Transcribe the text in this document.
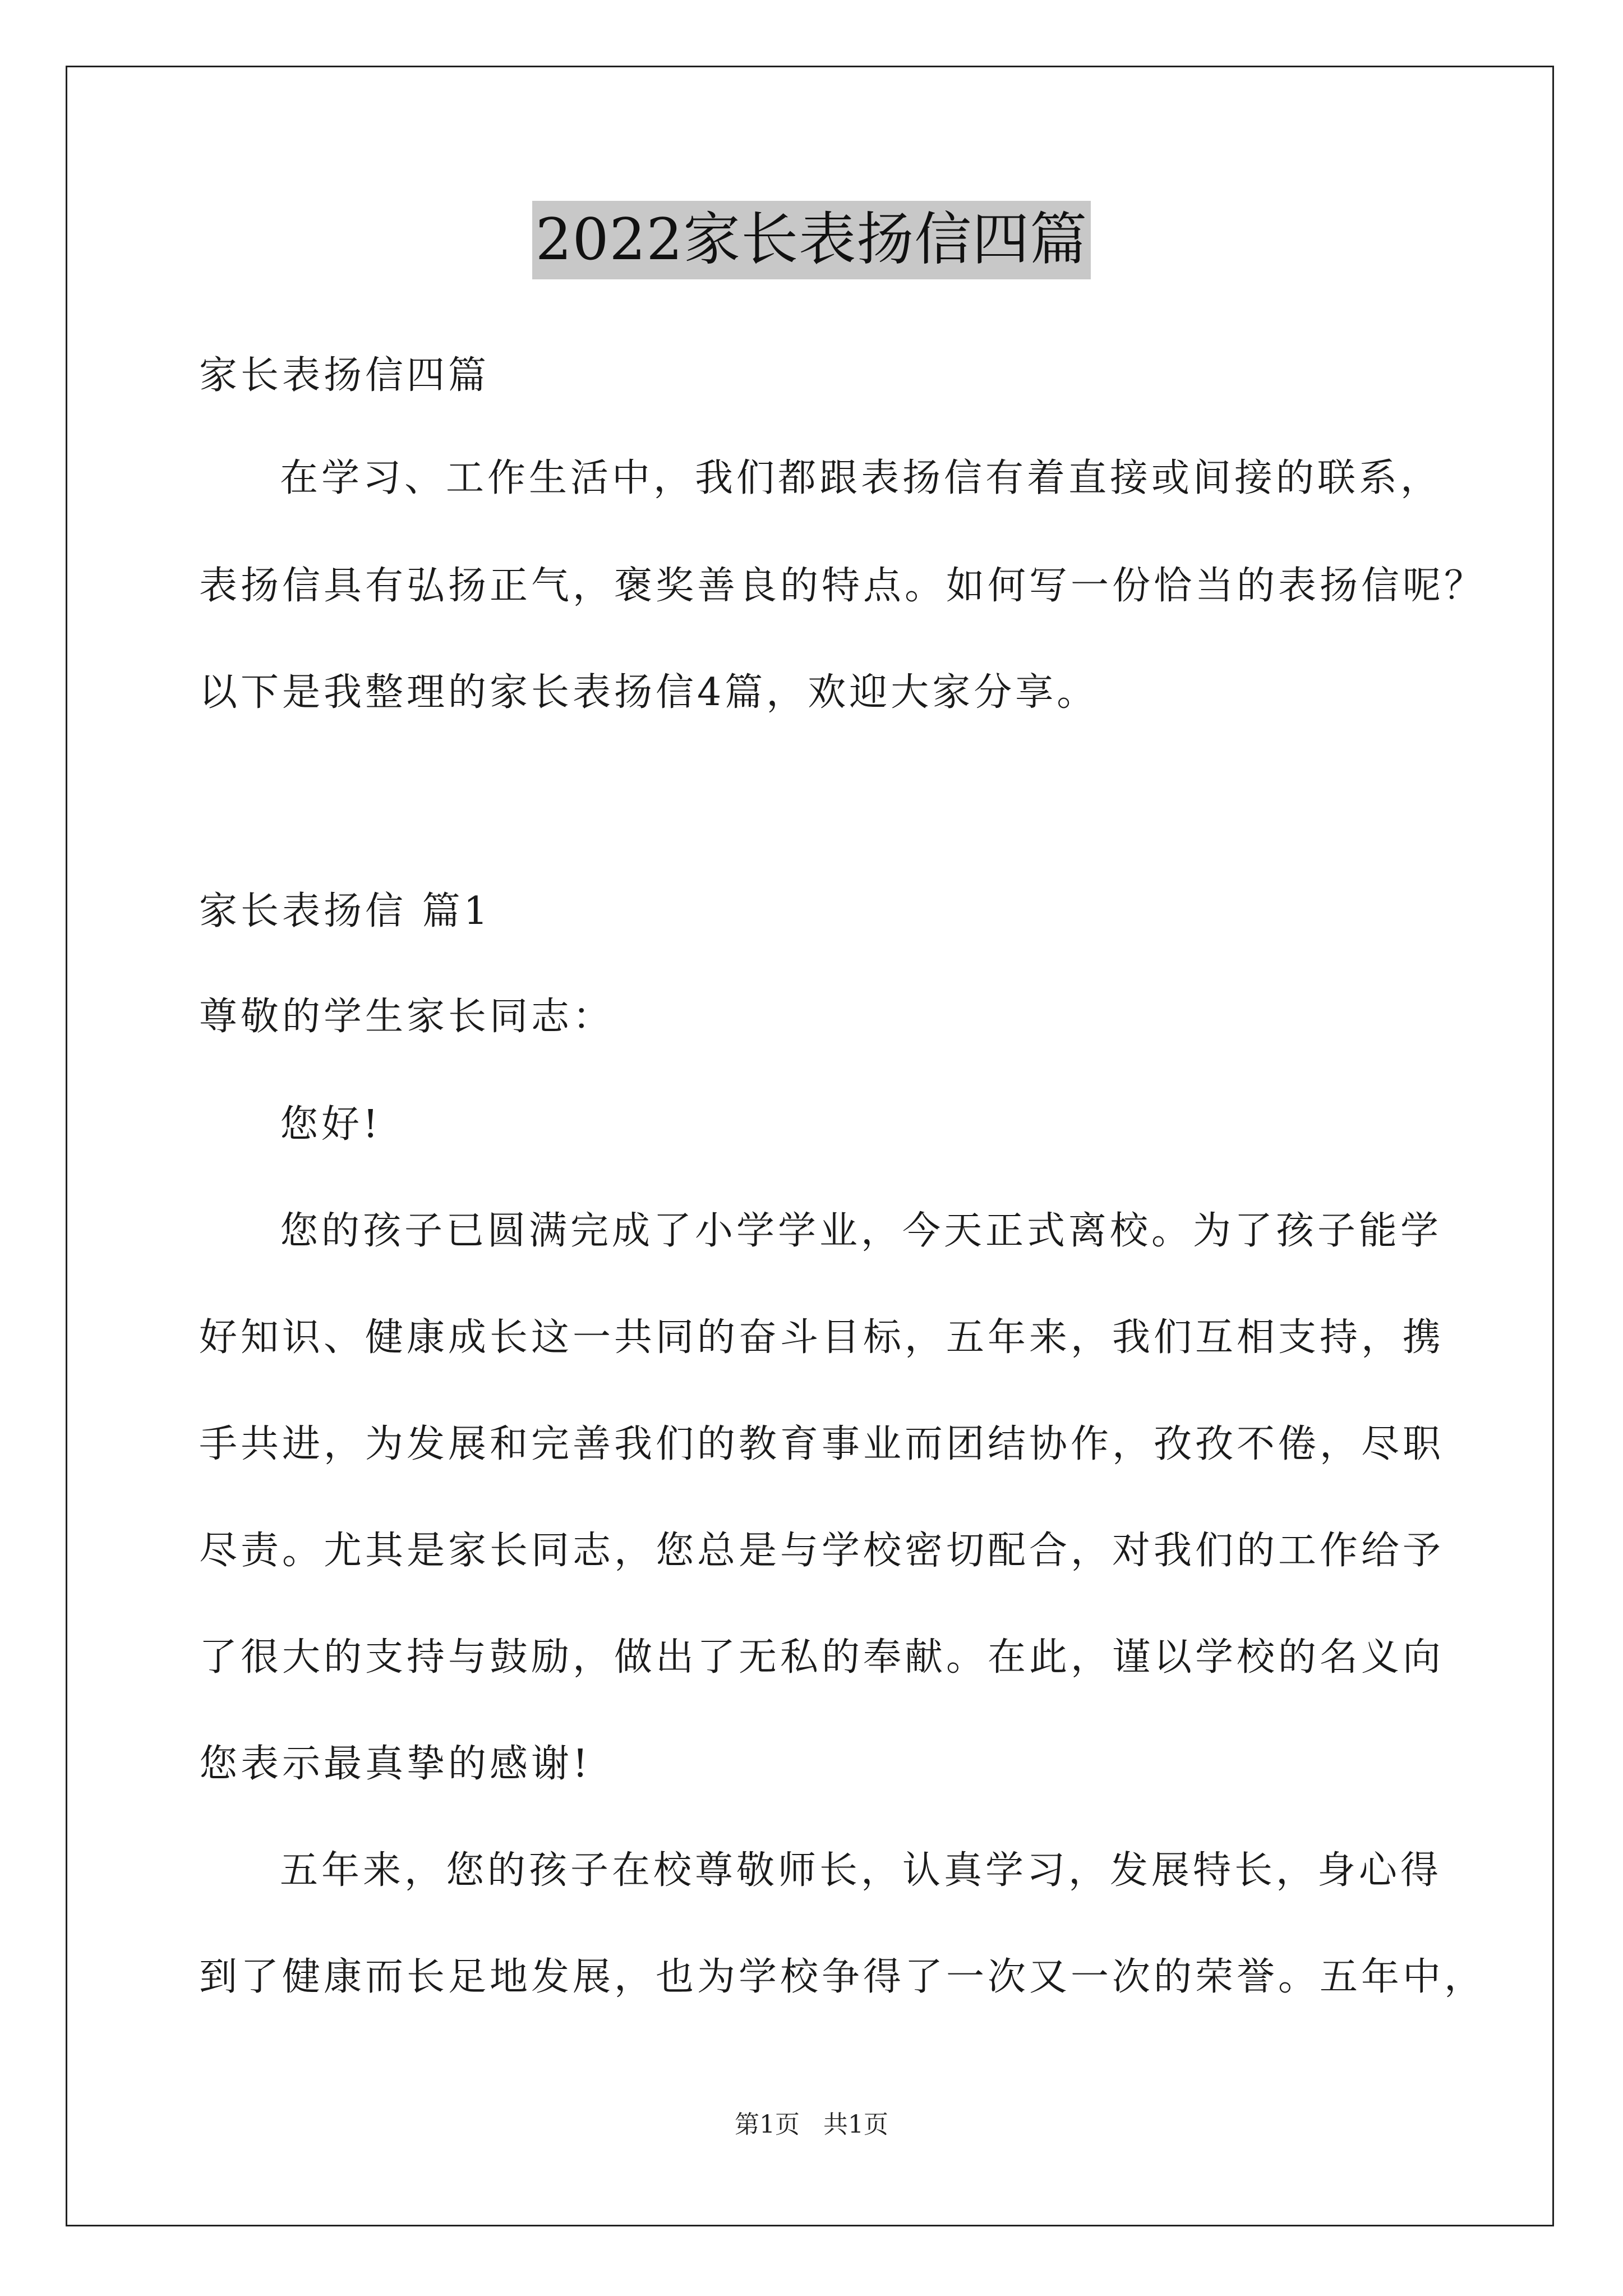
2022家长表扬信四篇
家长表扬信四篇
在学习、工作生活中，我们都跟表扬信有着直接或间接的联系，
表扬信具有弘扬正气，褒奖善良的特点。如何写一份恰当的表扬信呢？
以下是我整理的家长表扬信4篇，欢迎大家分享。
家长表扬信 篇1
尊敬的学生家长同志：
您好!
您的孩子已圆满完成了小学学业，今天正式离校。为了孩子能学
好知识、健康成长这一共同的奋斗目标，五年来，我们互相支持，携
手共进，为发展和完善我们的教育事业而团结协作，孜孜不倦，尽职
尽责。尤其是家长同志，您总是与学校密切配合，对我们的工作给予
了很大的支持与鼓励，做出了无私的奉献。在此，谨以学校的名义向
您表示最真挚的感谢!
五年来，您的孩子在校尊敬师长，认真学习，发展特长，身心得
到了健康而长足地发展，也为学校争得了一次又一次的荣誉。五年中，
第1页   共1页
